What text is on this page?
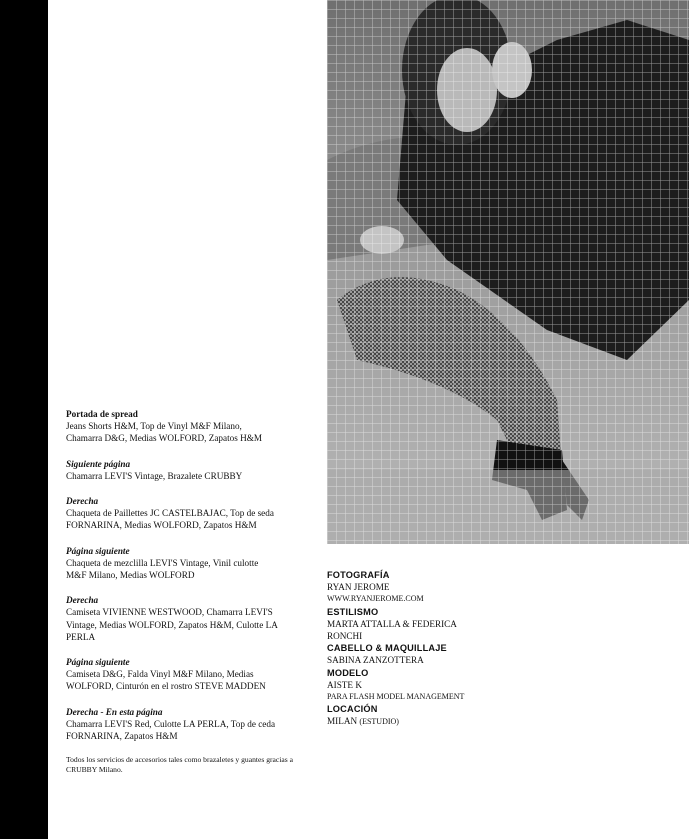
Portada de spread
Jeans Shorts H&M, Top de Vinyl M&F Milano,
Chamarra D&G, Medias WOLFORD, Zapatos H&M
Siguiente página
Chamarra LEVI'S Vintage, Brazalete CRUBBY
Derecha
Chaqueta de Paillettes JC CASTELBAJAC, Top de seda
FORNARINA, Medias WOLFORD, Zapatos H&M
Página siguiente
Chaqueta de mezclilla LEVI'S Vintage, Vinil culotte
M&F Milano, Medias WOLFORD
Derecha
Camiseta VIVIENNE WESTWOOD, Chamarra LEVI'S
Vintage, Medias WOLFORD, Zapatos H&M, Culotte LA
PERLA
Página siguiente
Camiseta D&G, Falda Vinyl M&F Milano, Medias
WOLFORD, Cinturón en el rostro STEVE MADDEN
Derecha - En esta página
Chamarra LEVI'S Red, Culotte LA PERLA, Top de ceda
FORNARINA, Zapatos H&M
Todos los servicios de accesorios tales como brazaletes y guantes gracias a CRUBBY Milano.
FOTOGRAFÍA
RYAN JEROME
WWW.RYANJEROME.COM
ESTILISMO
MARTA ATTALLA & FEDERICA
RONCHI
CABELLO & MAQUILLAJE
SABINA ZANZOTTERA
MODELO
AISTE K
PARA FLASH MODEL MANAGEMENT
LOCACIÓN
MILAN (ESTUDIO)
